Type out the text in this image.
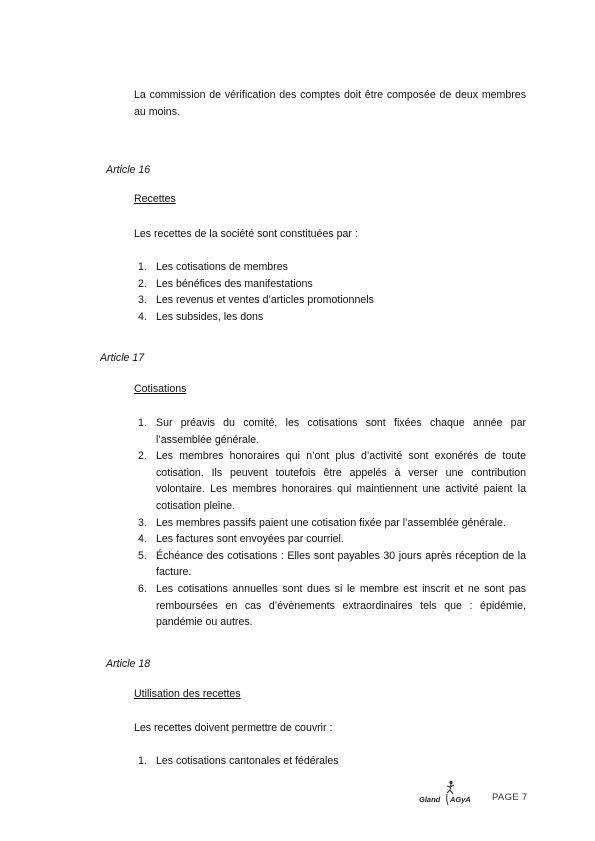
La commission de vérification des comptes doit être composée de deux membres au moins.
Article 16
Recettes
Les recettes de la société sont constituées par :
1. Les cotisations de membres
2. Les bénéfices des manifestations
3. Les revenus et ventes d’articles promotionnels
4. Les subsides, les dons
Article 17
Cotisations
1. Sur préavis du comité, les cotisations sont fixées chaque année par l’assemblée générale.
2. Les membres honoraires qui n’ont plus d’activité sont exonérés de toute cotisation. Ils peuvent toutefois être appelés à verser une contribution volontaire. Les membres honoraires qui maintiennent une activité paient la cotisation pleine.
3. Les membres passifs paient une cotisation fixée par l’assemblée générale.
4. Les factures sont envoyées par courriel.
5. Échéance des cotisations : Elles sont payables 30 jours après réception de la facture.
6. Les cotisations annuelles sont dues si le membre est inscrit et ne sont pas remboursées en cas d’évènements extraordinaires tels que : épidémie, pandémie ou autres.
Article 18
Utilisation des recettes
Les recettes doivent permettre de couvrir :
1. Les cotisations cantonales et fédérales
Gland AGyA PAGE 7
